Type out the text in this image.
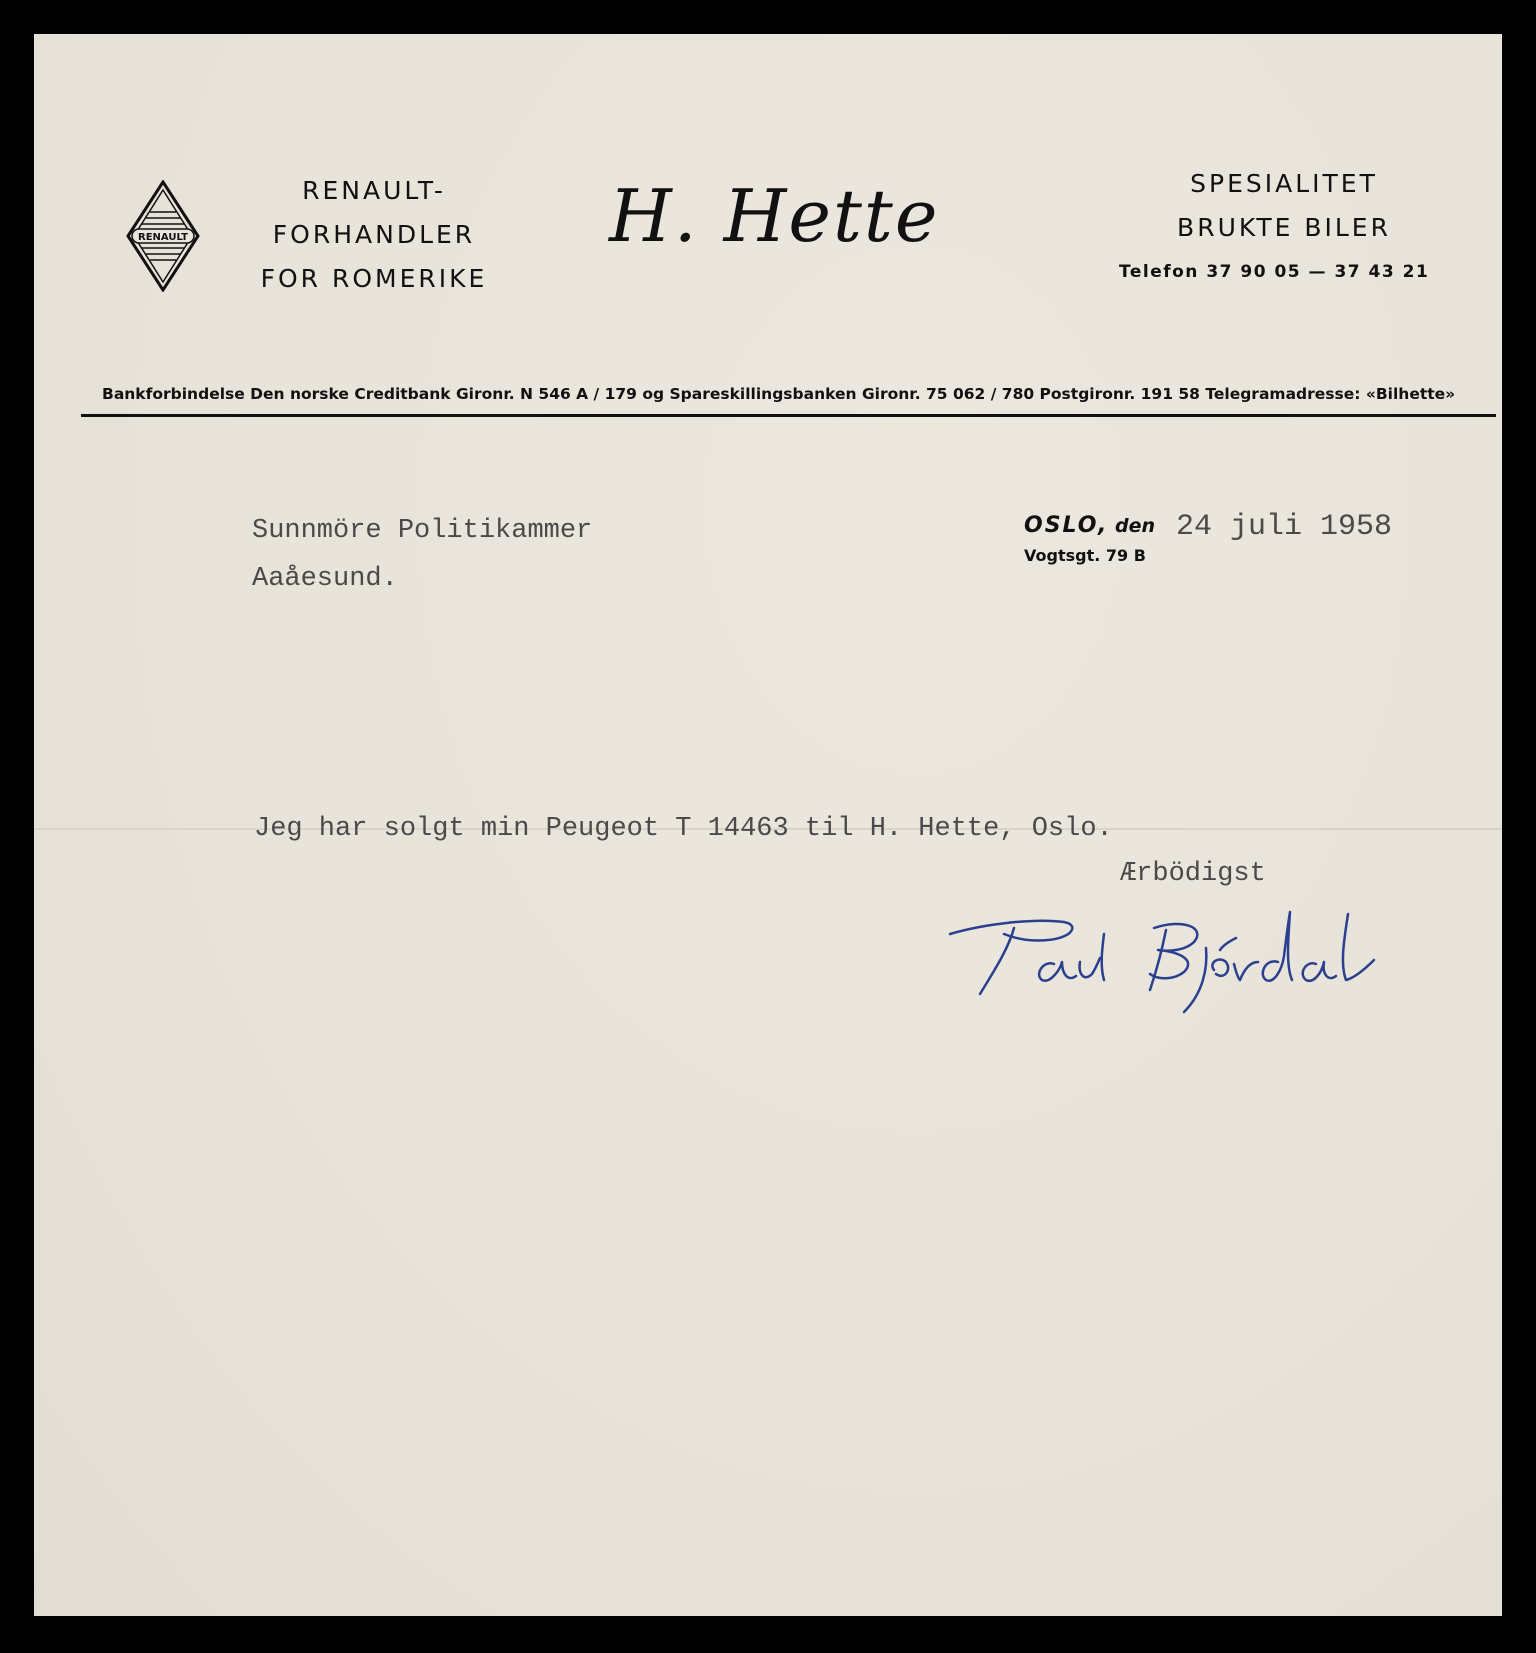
RENAULT
RENAULT-
FORHANDLER
FOR ROMERIKE
H. Hette	SPESIALITET
BRUKTE BILER
Telefon 37 90 05 — 37 43 21
Bankforbindelse Den norske Creditbank Gironr. N 546 A / 179 og Spareskillingsbanken Gironr. 75 062 / 780 Postgironr. 191 58 Telegramadresse: «Bilhette»
Sunnmöre Politikammer
Aaåesund.
OSLO, den 24 juli 1958
Vogtsgt. 79 B
Jeg har solgt min Peugeot T 14463 til H. Hette, Oslo.
Ærbödigst
